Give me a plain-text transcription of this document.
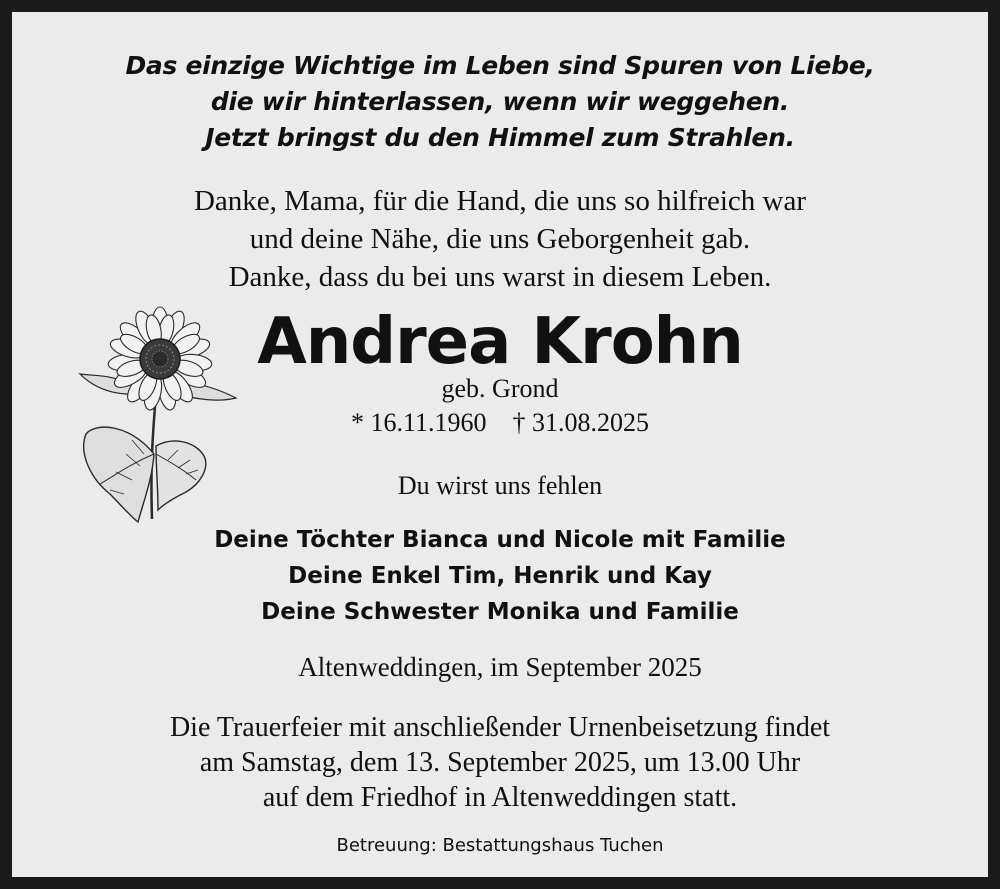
Das einzige Wichtige im Leben sind Spuren von Liebe,
die wir hinterlassen, wenn wir weggehen.
Jetzt bringst du den Himmel zum Strahlen.
Danke, Mama, für die Hand, die uns so hilfreich war
und deine Nähe, die uns Geborgenheit gab.
Danke, dass du bei uns warst in diesem Leben.
Andrea Krohn
geb. Grond
* 16.11.1960 † 31.08.2025
Du wirst uns fehlen
Deine Töchter Bianca und Nicole mit Familie
Deine Enkel Tim, Henrik und Kay
Deine Schwester Monika und Familie
Altenweddingen, im September 2025
Die Trauerfeier mit anschließender Urnenbeisetzung findet
am Samstag, dem 13. September 2025, um 13.00 Uhr
auf dem Friedhof in Altenweddingen statt.
Betreuung: Bestattungshaus Tuchen
